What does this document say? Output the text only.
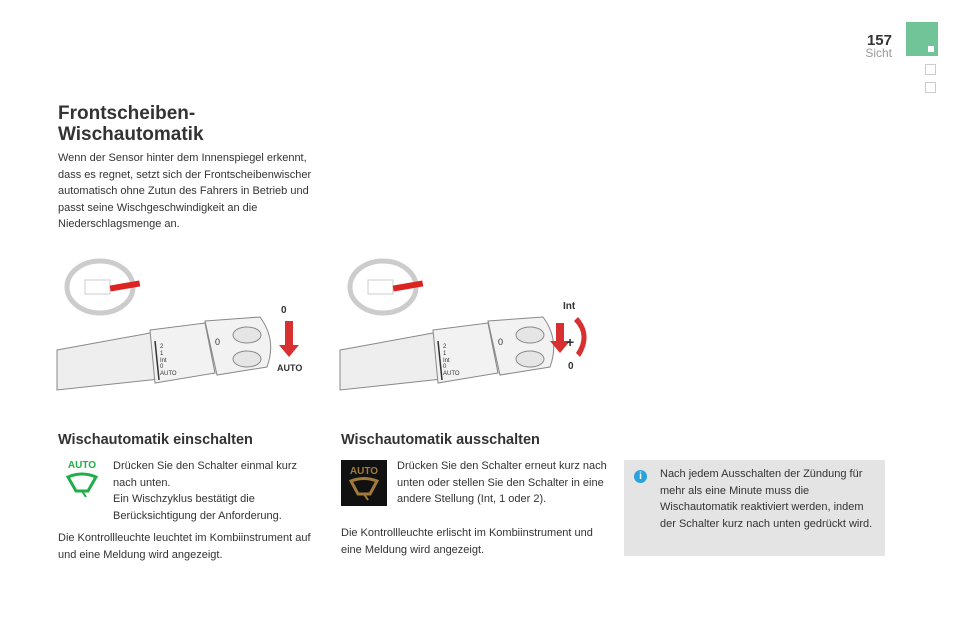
157
Sicht
Frontscheiben-
Wischautomatik
Wenn der Sensor hinter dem Innenspiegel erkennt, dass es regnet, setzt sich der Frontscheibenwischer automatisch ohne Zutun des Fahrers in Betrieb und passt seine Wischgeschwindigkeit an die Niederschlagsmenge an.
2
1
Int
0
AUTO
0
0
AUTO
2
1
Int
0
AUTO
0
Int
+
0
Wischautomatik einschalten
AUTO	Drücken Sie den Schalter einmal kurz nach unten.
Ein Wischzyklus bestätigt die Berücksichtigung der Anforderung.
Die Kontrollleuchte leuchtet im Kombiinstrument auf und eine Meldung wird angezeigt.
Wischautomatik ausschalten
AUTO	Drücken Sie den Schalter erneut kurz nach unten oder stellen Sie den Schalter in eine andere Stellung (Int, 1 oder 2).
Die Kontrollleuchte erlischt im Kombiinstrument und eine Meldung wird angezeigt.
i	Nach jedem Ausschalten der Zündung für mehr als eine Minute muss die Wischautomatik reaktiviert werden, indem der Schalter kurz nach unten gedrückt wird.
